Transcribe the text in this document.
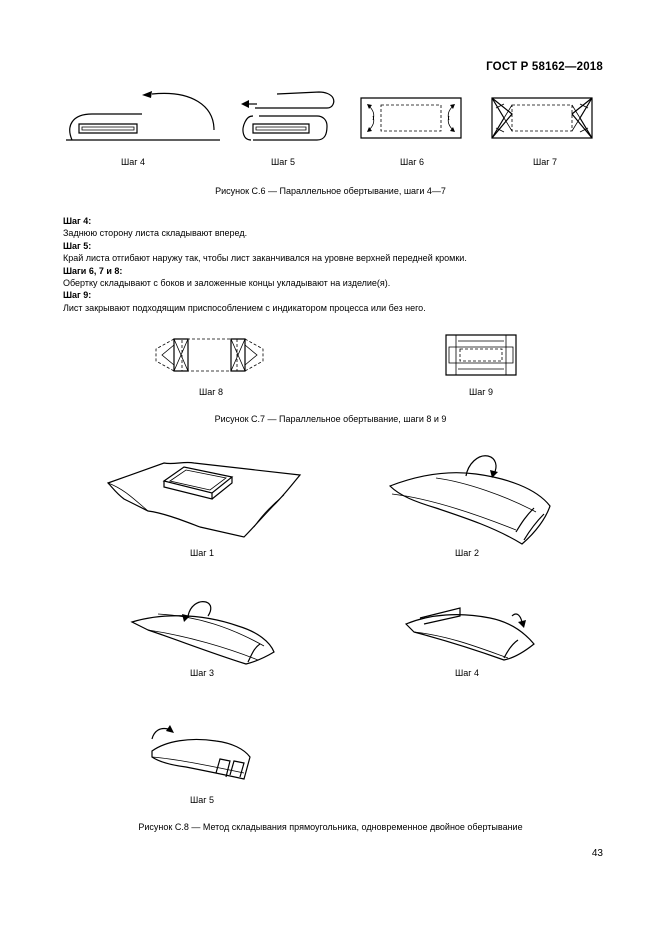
ГОСТ Р 58162—2018
Шаг 4	Шаг 5	Шаг 6	Шаг 7
Рисунок С.6 — Параллельное обертывание, шаги 4—7
Шаг 4:
Заднюю сторону листа складывают вперед.
Шаг 5:
Край листа отгибают наружу так, чтобы лист заканчивался на уровне верхней передней кромки.
Шаги 6, 7 и 8:
Обертку складывают с боков и заложенные концы укладывают на изделие(я).
Шаг 9:
Лист закрывают подходящим приспособлением с индикатором процесса или без него.
Шаг 8	Шаг 9
Рисунок С.7 — Параллельное обертывание, шаги 8 и 9
Шаг 1	Шаг 2
Шаг 3	Шаг 4
Шаг 5
Рисунок С.8 — Метод складывания прямоугольника, одновременное двойное обертывание
43
